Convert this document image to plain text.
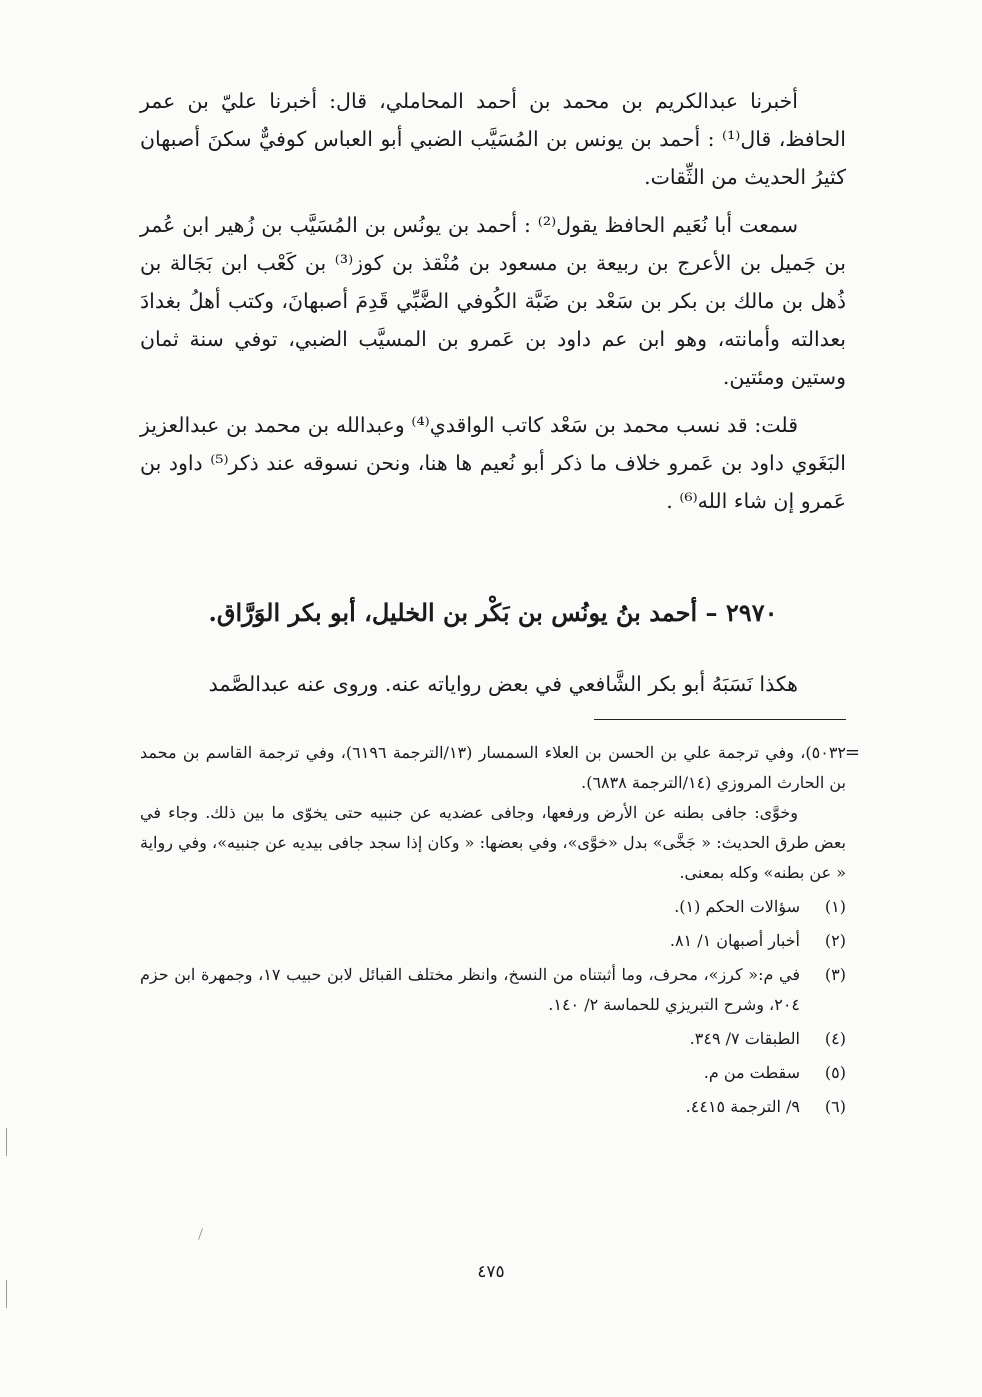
أخبرنا عبدالكريم بن محمد بن أحمد المحاملي، قال: أخبرنا عليّ بن عمر الحافظ، قال⁽¹⁾ : أحمد بن يونس بن المُسَيَّب الضبي أبو العباس كوفيٌّ سكنَ أصبهان كثيرُ الحديث من الثِّقات.

سمعت أبا نُعَيم الحافظ يقول⁽²⁾ : أحمد بن يونُس بن المُسَيَّب بن زُهير ابن عُمر بن جَميل بن الأعرج بن ربيعة بن مسعود بن مُنْقذ بن كوز⁽³⁾ بن كَعْب ابن بَجَالة بن ذُهل بن مالك بن بكر بن سَعْد بن ضَبَّة الكُوفي الضَّبِّي قَدِمَ أصبهانَ، وكتب أهلُ بغدادَ بعدالته وأمانته، وهو ابن عم داود بن عَمرو بن المسيَّب الضبي، توفي سنة ثمان وستين ومئتين.

قلت: قد نسب محمد بن سَعْد كاتب الواقدي⁽⁴⁾ وعبدالله بن محمد بن عبدالعزيز البَغَوي داود بن عَمرو خلاف ما ذكر أبو نُعيم ها هنا، ونحن نسوقه عند ذكر⁽⁵⁾ داود بن عَمرو إن شاء الله⁽⁶⁾ .

٢٩٧٠ – أحمد بنُ يونُس بن بَكْر بن الخليل، أبو بكر الوَرَّاق.

هكذا نَسَبَهُ أبو بكر الشَّافعي في بعض رواياته عنه. وروى عنه عبدالصَّمد

=

٥٠٣٢)، وفي ترجمة علي بن الحسن بن العلاء السمسار (١٣/الترجمة ٦١٩٦)، وفي ترجمة القاسم بن محمد بن الحارث المروزي (١٤/الترجمة ٦٨٣٨).

وخوَّى: جافى بطنه عن الأرض ورفعها، وجافى عضديه عن جنبيه حتى يخوّى ما بين ذلك. وجاء في بعض طرق الحديث: « جَخَّى» بدل «خوَّى»، وفي بعضها: « وكان إذا سجد جافى بيديه عن جنبيه»، وفي رواية « عن بطنه» وكله بمعنى.

(١)
سؤالات الحكم (١).
(٢)
أخبار أصبهان ١/ ٨١.
(٣)
في م:« كرز»، محرف، وما أثبتناه من النسخ، وانظر مختلف القبائل لابن حبيب ١٧، وجمهرة ابن حزم ٢٠٤، وشرح التبريزي للحماسة ٢/ ١٤٠.
(٤)
الطبقات ٧/ ٣٤٩.
(٥)
سقطت من م.
(٦)
٩/ الترجمة ٤٤١٥.
٤٧٥
